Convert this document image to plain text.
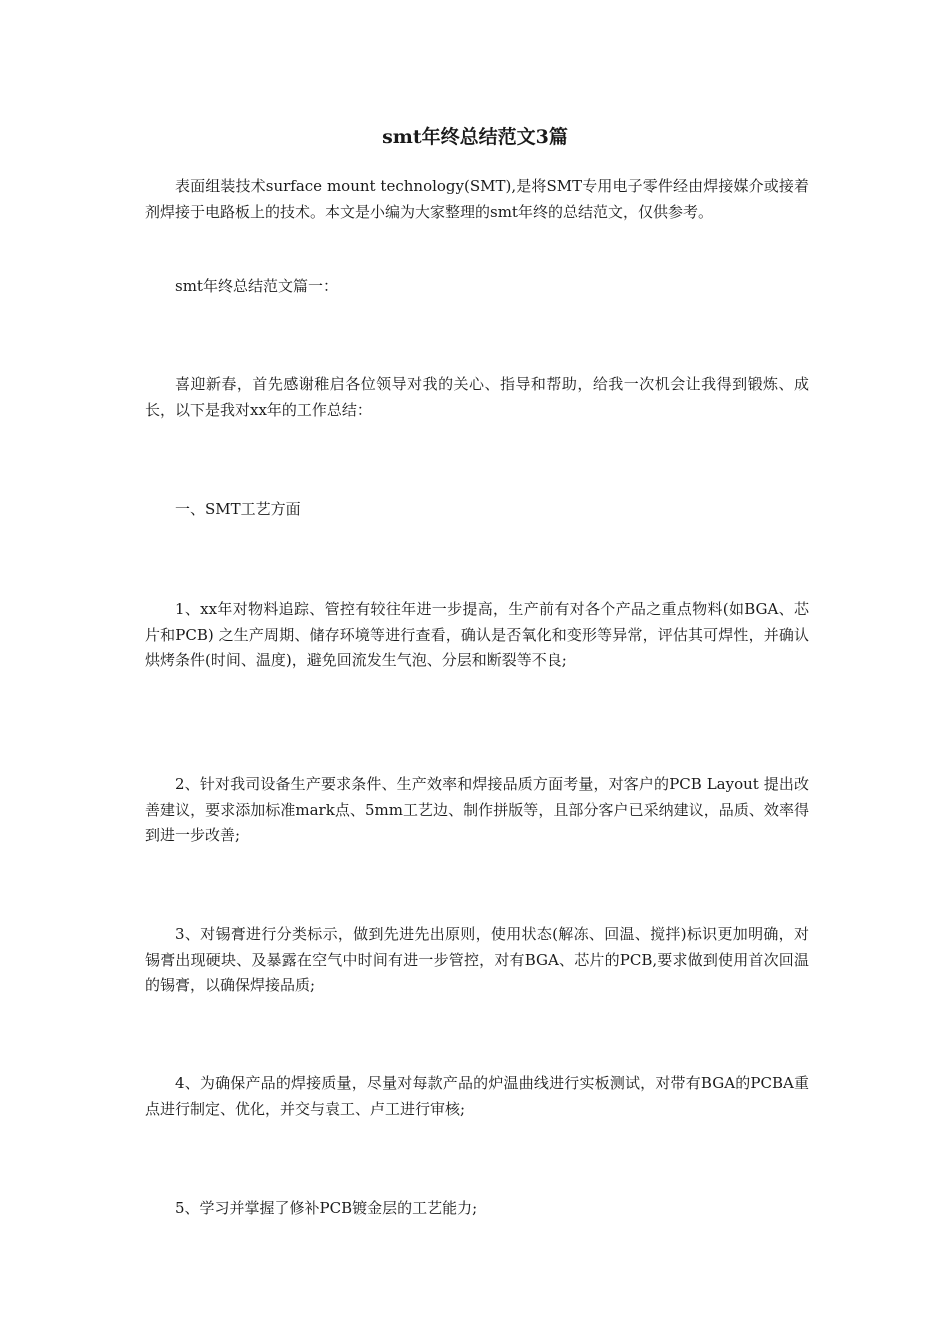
smt年终总结范文3篇

表面组装技术surface mount technology(SMT),是将SMT专用电子零件经由焊接媒介或接着剂焊接于电路板上的技术。本文是小编为大家整理的smt年终的总结范文，仅供参考。

smt年终总结范文篇一：

喜迎新春，首先感谢稚启各位领导对我的关心、指导和帮助，给我一次机会让我得到锻炼、成长，以下是我对xx年的工作总结：

一、SMT工艺方面

1、xx年对物料追踪、管控有较往年进一步提高，生产前有对各个产品之重点物料(如BGA、芯片和PCB) 之生产周期、储存环境等进行查看，确认是否氧化和变形等异常，评估其可焊性，并确认烘烤条件(时间、温度)，避免回流发生气泡、分层和断裂等不良;

2、针对我司设备生产要求条件、生产效率和焊接品质方面考量，对客户的PCB Layout 提出改善建议，要求添加标准mark点、5mm工艺边、制作拼版等，且部分客户已采纳建议，品质、效率得到进一步改善;

3、对锡膏进行分类标示，做到先进先出原则，使用状态(解冻、回温、搅拌)标识更加明确，对锡膏出现硬块、及暴露在空气中时间有进一步管控，对有BGA、芯片的PCB,要求做到使用首次回温的锡膏，以确保焊接品质;

4、为确保产品的焊接质量，尽量对每款产品的炉温曲线进行实板测试，对带有BGA的PCBA重点进行制定、优化，并交与袁工、卢工进行审核;

5、学习并掌握了修补PCB镀金层的工艺能力;
